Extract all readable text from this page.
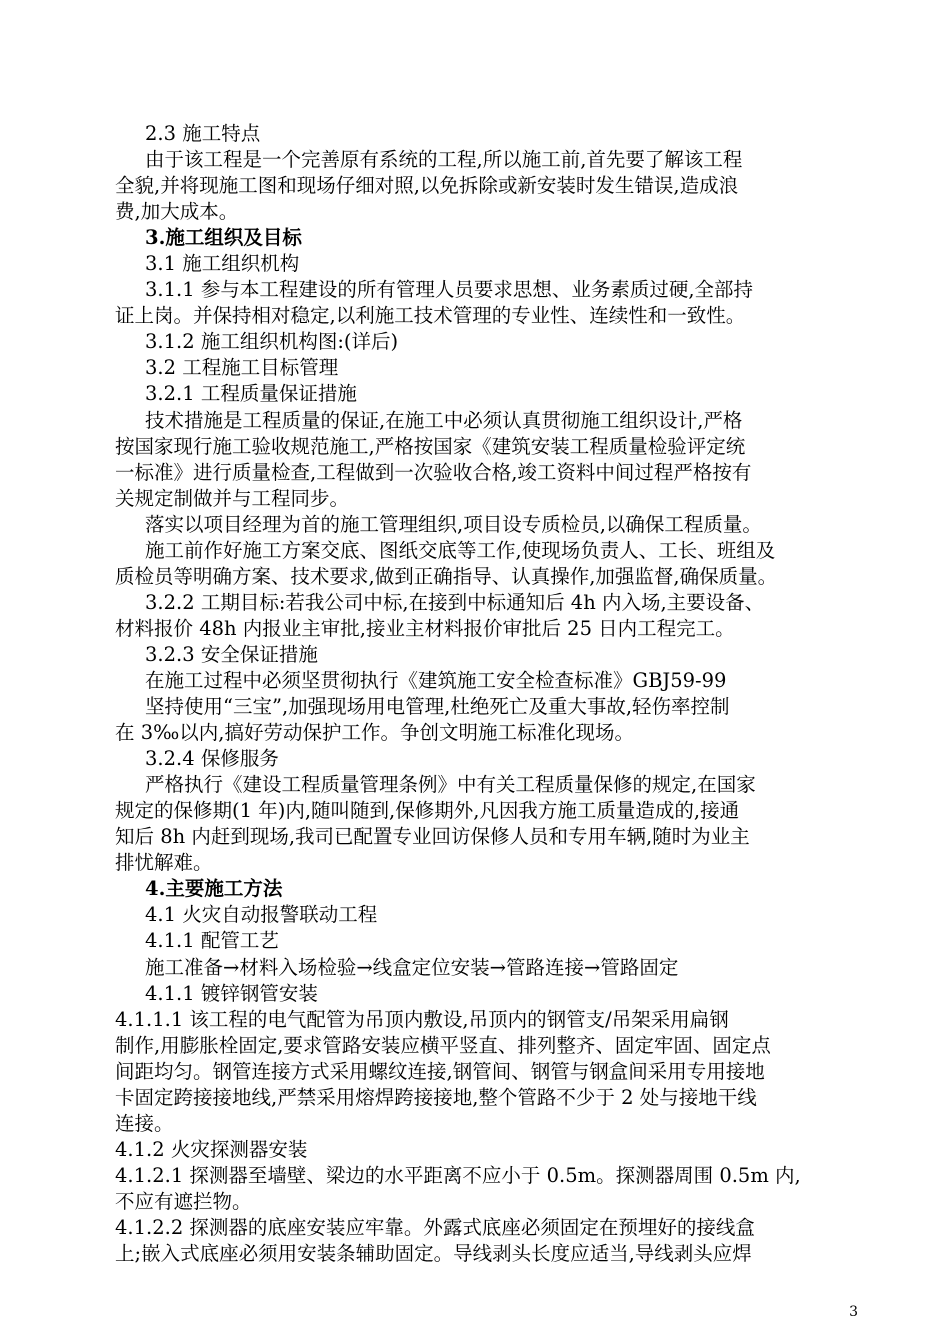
2.3 施工特点
由于该工程是一个完善原有系统的工程,所以施工前,首先要了解该工程
全貌,并将现施工图和现场仔细对照,以免拆除或新安装时发生错误,造成浪
费,加大成本。
3.施工组织及目标
3.1 施工组织机构
3.1.1 参与本工程建设的所有管理人员要求思想、业务素质过硬,全部持
证上岗。并保持相对稳定,以利施工技术管理的专业性、连续性和一致性。
3.1.2 施工组织机构图:(详后)
3.2 工程施工目标管理
3.2.1 工程质量保证措施
技术措施是工程质量的保证,在施工中必须认真贯彻施工组织设计,严格
按国家现行施工验收规范施工,严格按国家《建筑安装工程质量检验评定统
一标准》进行质量检查,工程做到一次验收合格,竣工资料中间过程严格按有
关规定制做并与工程同步。
落实以项目经理为首的施工管理组织,项目设专质检员,以确保工程质量。
施工前作好施工方案交底、图纸交底等工作,使现场负责人、工长、班组及
质检员等明确方案、技术要求,做到正确指导、认真操作,加强监督,确保质量。
3.2.2 工期目标:若我公司中标,在接到中标通知后 4h 内入场,主要设备、
材料报价 48h 内报业主审批,接业主材料报价审批后 25 日内工程完工。
3.2.3 安全保证措施
在施工过程中必须坚贯彻执行《建筑施工安全检查标准》GBJ59-99
坚持使用“三宝”,加强现场用电管理,杜绝死亡及重大事故,轻伤率控制
在 3‰以内,搞好劳动保护工作。争创文明施工标准化现场。
3.2.4 保修服务
严格执行《建设工程质量管理条例》中有关工程质量保修的规定,在国家
规定的保修期(1 年)内,随叫随到,保修期外,凡因我方施工质量造成的,接通
知后 8h 内赶到现场,我司已配置专业回访保修人员和专用车辆,随时为业主
排忧解难。
4.主要施工方法
4.1 火灾自动报警联动工程
4.1.1 配管工艺
施工准备→材料入场检验→线盒定位安装→管路连接→管路固定
4.1.1 镀锌钢管安装
4.1.1.1 该工程的电气配管为吊顶内敷设,吊顶内的钢管支/吊架采用扁钢
制作,用膨胀栓固定,要求管路安装应横平竖直、排列整齐、固定牢固、固定点
间距均匀。钢管连接方式采用螺纹连接,钢管间、钢管与钢盒间采用专用接地
卡固定跨接接地线,严禁采用熔焊跨接接地,整个管路不少于 2 处与接地干线
连接。
4.1.2 火灾探测器安装
4.1.2.1 探测器至墙壁、梁边的水平距离不应小于 0.5m。探测器周围 0.5m 内,
不应有遮拦物。
4.1.2.2 探测器的底座安装应牢靠。外露式底座必须固定在预埋好的接线盒
上;嵌入式底座必须用安装条辅助固定。导线剥头长度应适当,导线剥头应焊
3
